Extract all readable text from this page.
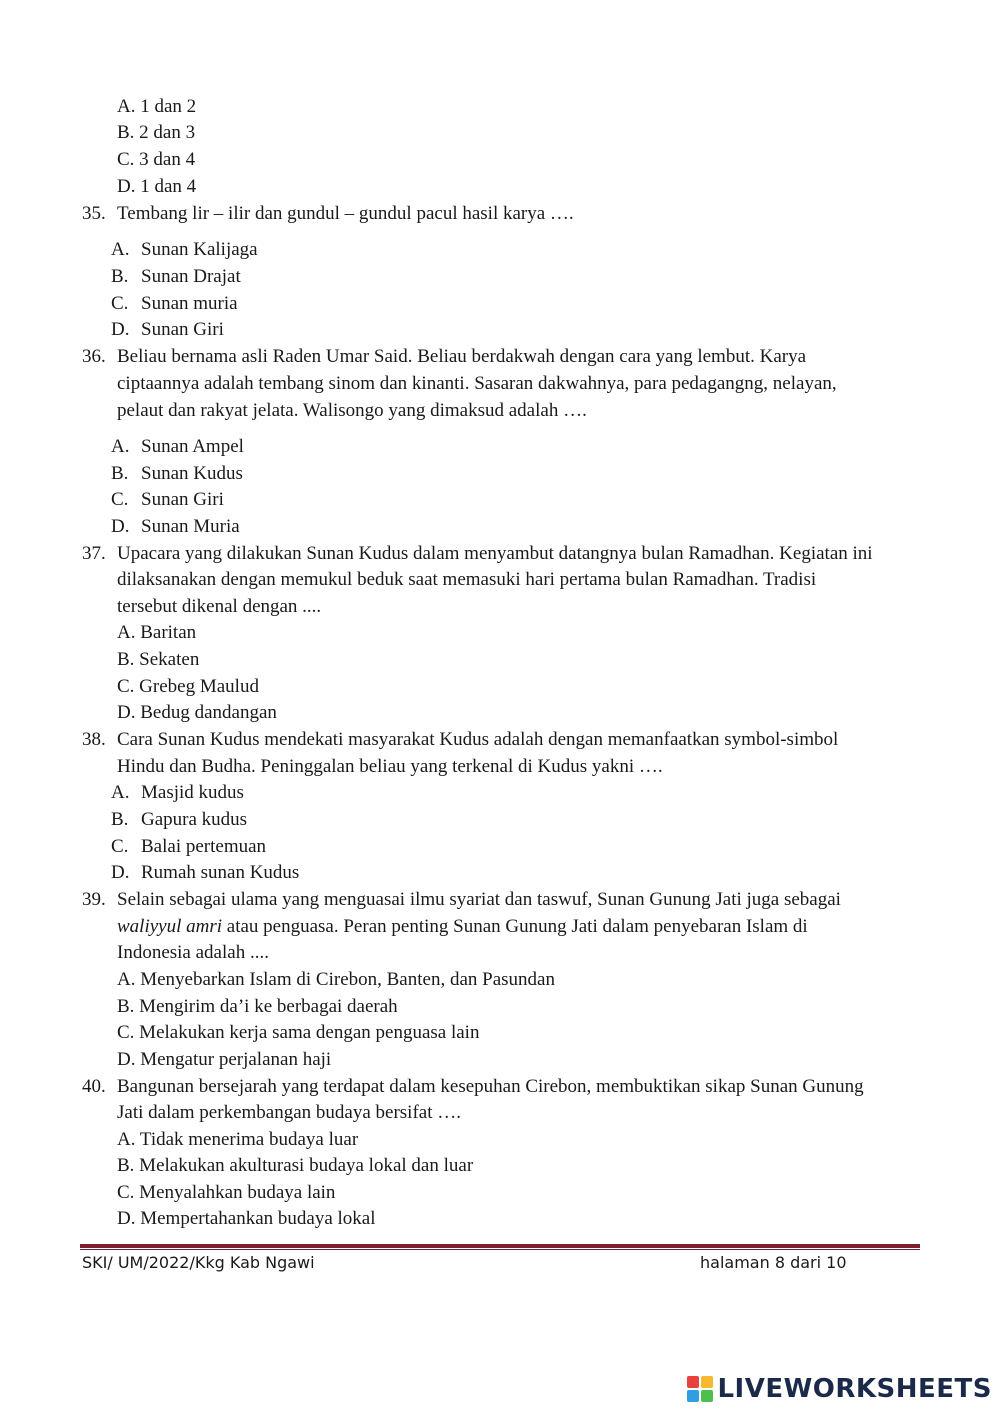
A. 1 dan 2
B. 2 dan 3
C. 3 dan 4
D. 1 dan 4
35. Tembang lir – ilir dan gundul – gundul pacul hasil karya ….
A. Sunan Kalijaga
B. Sunan Drajat
C. Sunan muria
D. Sunan Giri
36. Beliau bernama asli Raden Umar Said. Beliau berdakwah dengan cara yang lembut. Karya
ciptaannya adalah tembang sinom dan kinanti. Sasaran dakwahnya, para pedagangng, nelayan,
pelaut dan rakyat jelata. Walisongo yang dimaksud adalah ….
A. Sunan Ampel
B. Sunan Kudus
C. Sunan Giri
D. Sunan Muria
37. Upacara yang dilakukan Sunan Kudus dalam menyambut datangnya bulan Ramadhan. Kegiatan ini
dilaksanakan dengan memukul beduk saat memasuki hari pertama bulan Ramadhan. Tradisi
tersebut dikenal dengan ....
A. Baritan
B. Sekaten
C. Grebeg Maulud
D. Bedug dandangan
38. Cara Sunan Kudus mendekati masyarakat Kudus adalah dengan memanfaatkan symbol-simbol
Hindu dan Budha. Peninggalan beliau yang terkenal di Kudus yakni ….
A. Masjid kudus
B. Gapura kudus
C. Balai pertemuan
D. Rumah sunan Kudus
39. Selain sebagai ulama yang menguasai ilmu syariat dan taswuf, Sunan Gunung Jati juga sebagai
waliyyul amri atau penguasa. Peran penting Sunan Gunung Jati dalam penyebaran Islam di
Indonesia adalah ....
A. Menyebarkan Islam di Cirebon, Banten, dan Pasundan
B. Mengirim da’i ke berbagai daerah
C. Melakukan kerja sama dengan penguasa lain
D. Mengatur perjalanan haji
40. Bangunan bersejarah yang terdapat dalam kesepuhan Cirebon, membuktikan sikap Sunan Gunung
Jati dalam perkembangan budaya bersifat ….
A. Tidak menerima budaya luar
B. Melakukan akulturasi budaya lokal dan luar
C. Menyalahkan budaya lain
D. Mempertahankan budaya lokal
SKI/ UM/2022/Kkg Kab Ngawi	halaman 8 dari 10
LIVEWORKSHEETS
